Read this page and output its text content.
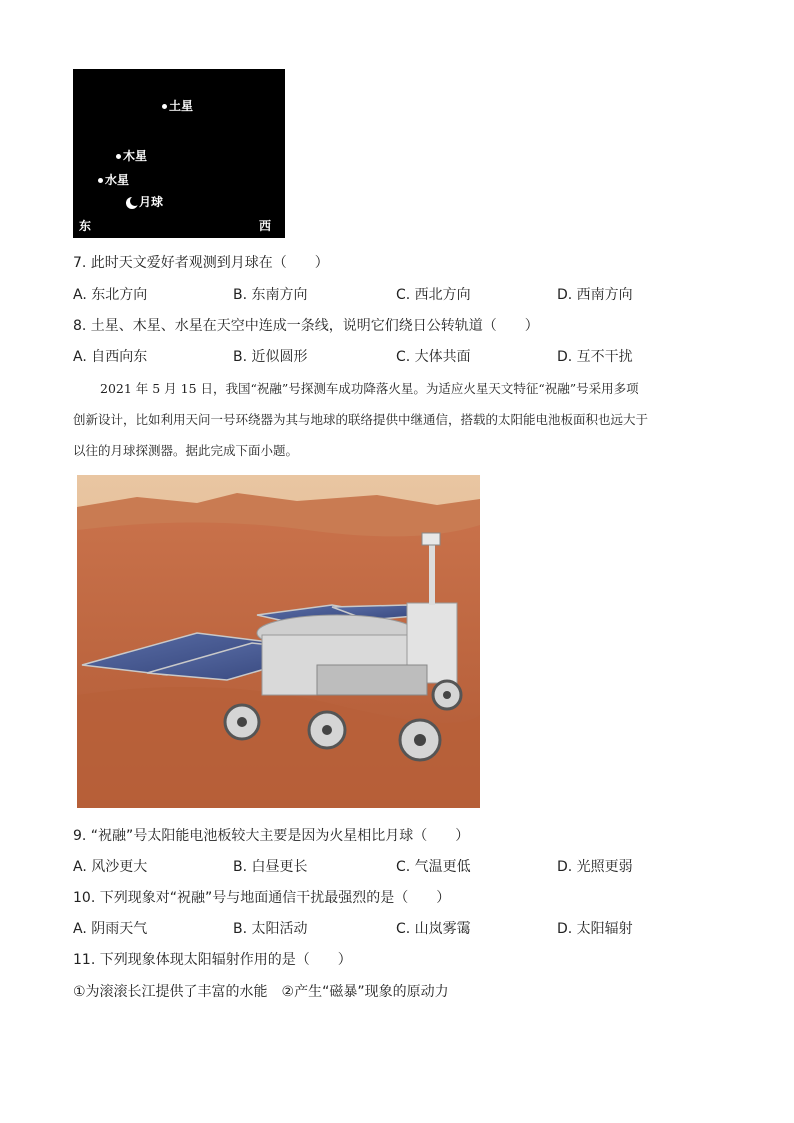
土星
木星
水星
月球
东	西
7. 此时天文爱好者观测到月球在（　　）
A. 东北方向	B. 东南方向	C. 西北方向	D. 西南方向
8. 土星、木星、水星在天空中连成一条线，说明它们绕日公转轨道（　　）
A. 自西向东	B. 近似圆形	C. 大体共面	D. 互不干扰
2021 年 5 月 15 日，我国“祝融”号探测车成功降落火星。为适应火星天文特征“祝融”号采用多项
创新设计，比如利用天问一号环绕器为其与地球的联络提供中继通信，搭载的太阳能电池板面积也远大于
以往的月球探测器。据此完成下面小题。
9. “祝融”号太阳能电池板较大主要是因为火星相比月球（　　）
A. 风沙更大	B. 白昼更长	C. 气温更低	D. 光照更弱
10. 下列现象对“祝融”号与地面通信干扰最强烈的是（　　）
A. 阴雨天气	B. 太阳活动	C. 山岚雾霭	D. 太阳辐射
11. 下列现象体现太阳辐射作用的是（　　）
①为滚滚长江提供了丰富的水能　②产生“磁暴”现象的原动力
